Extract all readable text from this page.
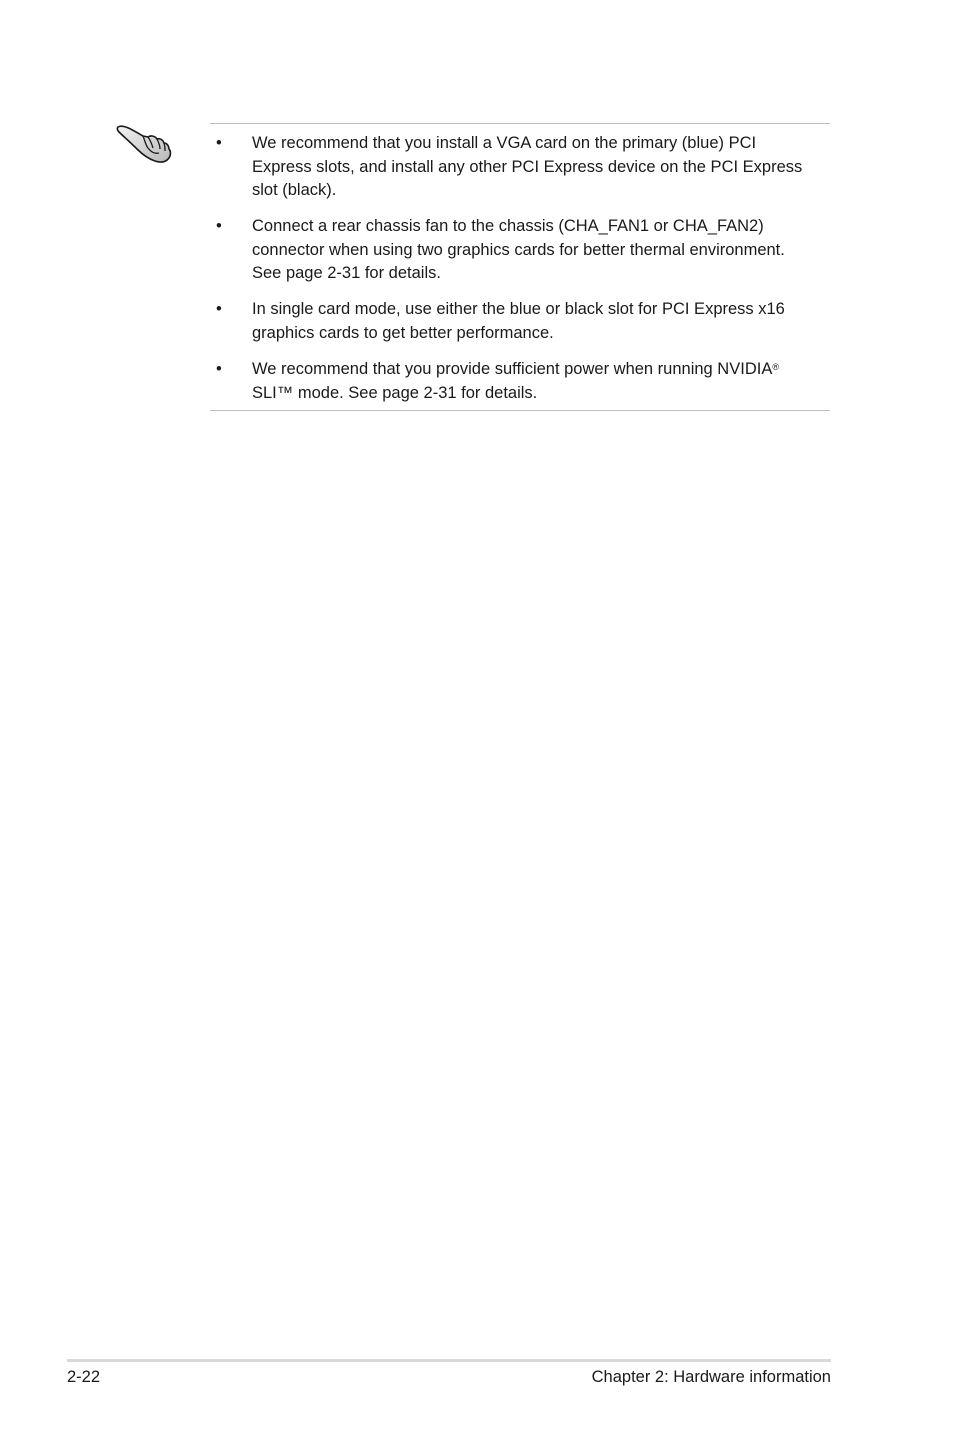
• We recommend that you install a VGA card on the primary (blue) PCI
Express slots, and install any other PCI Express device on the PCI Express
slot (black).
• Connect a rear chassis fan to the chassis (CHA_FAN1 or CHA_FAN2)
connector when using two graphics cards for better thermal environment.
See page 2-31 for details.
• In single card mode, use either the blue or black slot for PCI Express x16
graphics cards to get better performance.
• We recommend that you provide sufficient power when running NVIDIA®
SLI™ mode. See page 2-31 for details.
2-22	Chapter 2: Hardware information
